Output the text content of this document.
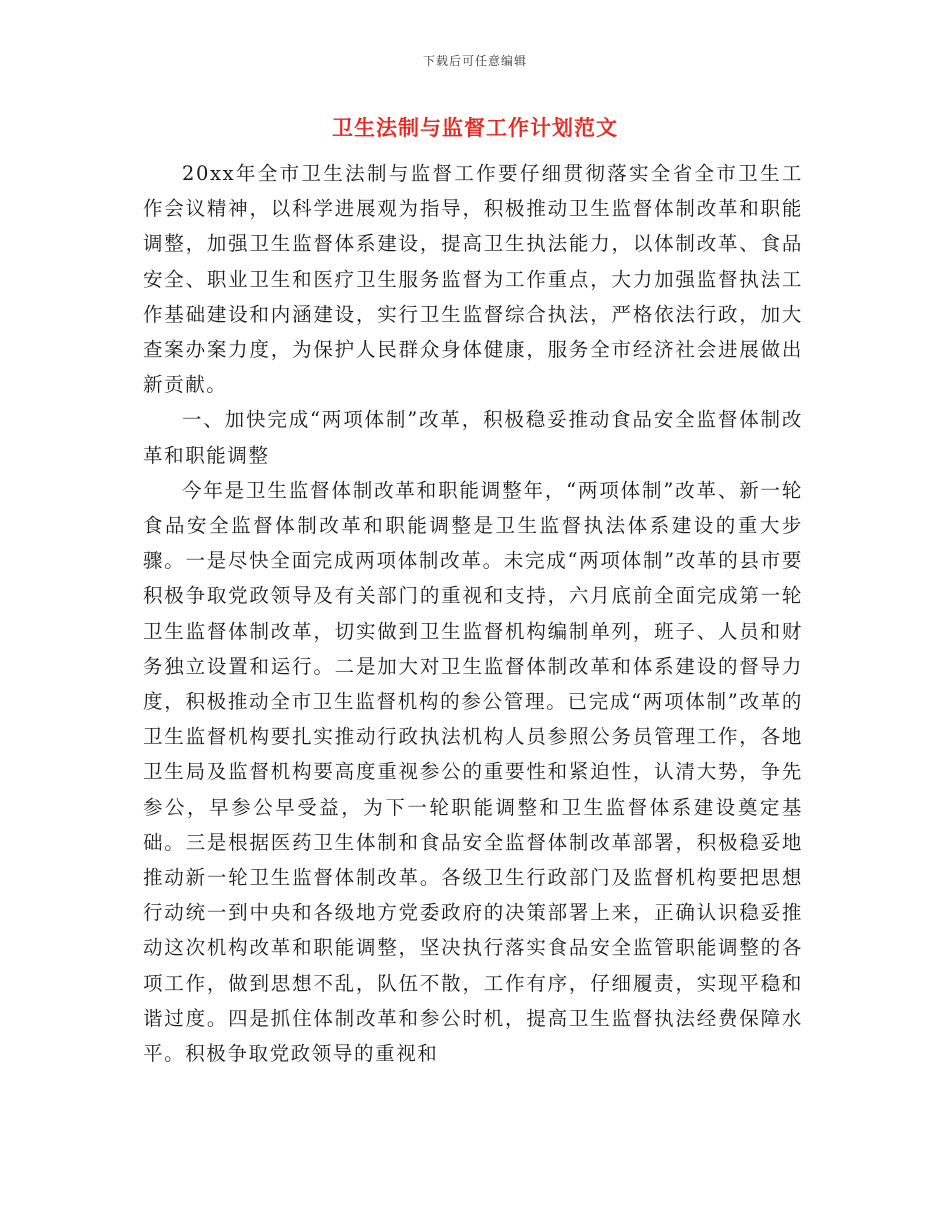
下载后可任意编辑
卫生法制与监督工作计划范文

20xx年全市卫生法制与监督工作要仔细贯彻落实全省全市卫生工作会议精神，以科学进展观为指导，积极推动卫生监督体制改革和职能调整，加强卫生监督体系建设，提高卫生执法能力，以体制改革、食品安全、职业卫生和医疗卫生服务监督为工作重点，大力加强监督执法工作基础建设和内涵建设，实行卫生监督综合执法，严格依法行政，加大查案办案力度，为保护人民群众身体健康，服务全市经济社会进展做出新贡献。

一、加快完成“两项体制”改革，积极稳妥推动食品安全监督体制改革和职能调整

今年是卫生监督体制改革和职能调整年，“两项体制”改革、新一轮食品安全监督体制改革和职能调整是卫生监督执法体系建设的重大步骤。一是尽快全面完成两项体制改革。未完成“两项体制”改革的县市要积极争取党政领导及有关部门的重视和支持，六月底前全面完成第一轮卫生监督体制改革，切实做到卫生监督机构编制单列，班子、人员和财务独立设置和运行。二是加大对卫生监督体制改革和体系建设的督导力度，积极推动全市卫生监督机构的参公管理。已完成“两项体制”改革的卫生监督机构要扎实推动行政执法机构人员参照公务员管理工作，各地卫生局及监督机构要高度重视参公的重要性和紧迫性，认清大势，争先参公，早参公早受益，为下一轮职能调整和卫生监督体系建设奠定基础。三是根据医药卫生体制和食品安全监督体制改革部署，积极稳妥地推动新一轮卫生监督体制改革。各级卫生行政部门及监督机构要把思想行动统一到中央和各级地方党委政府的决策部署上来，正确认识稳妥推动这次机构改革和职能调整，坚决执行落实食品安全监管职能调整的各项工作，做到思想不乱，队伍不散，工作有序，仔细履责，实现平稳和谐过度。四是抓住体制改革和参公时机，提高卫生监督执法经费保障水平。积极争取党政领导的重视和
